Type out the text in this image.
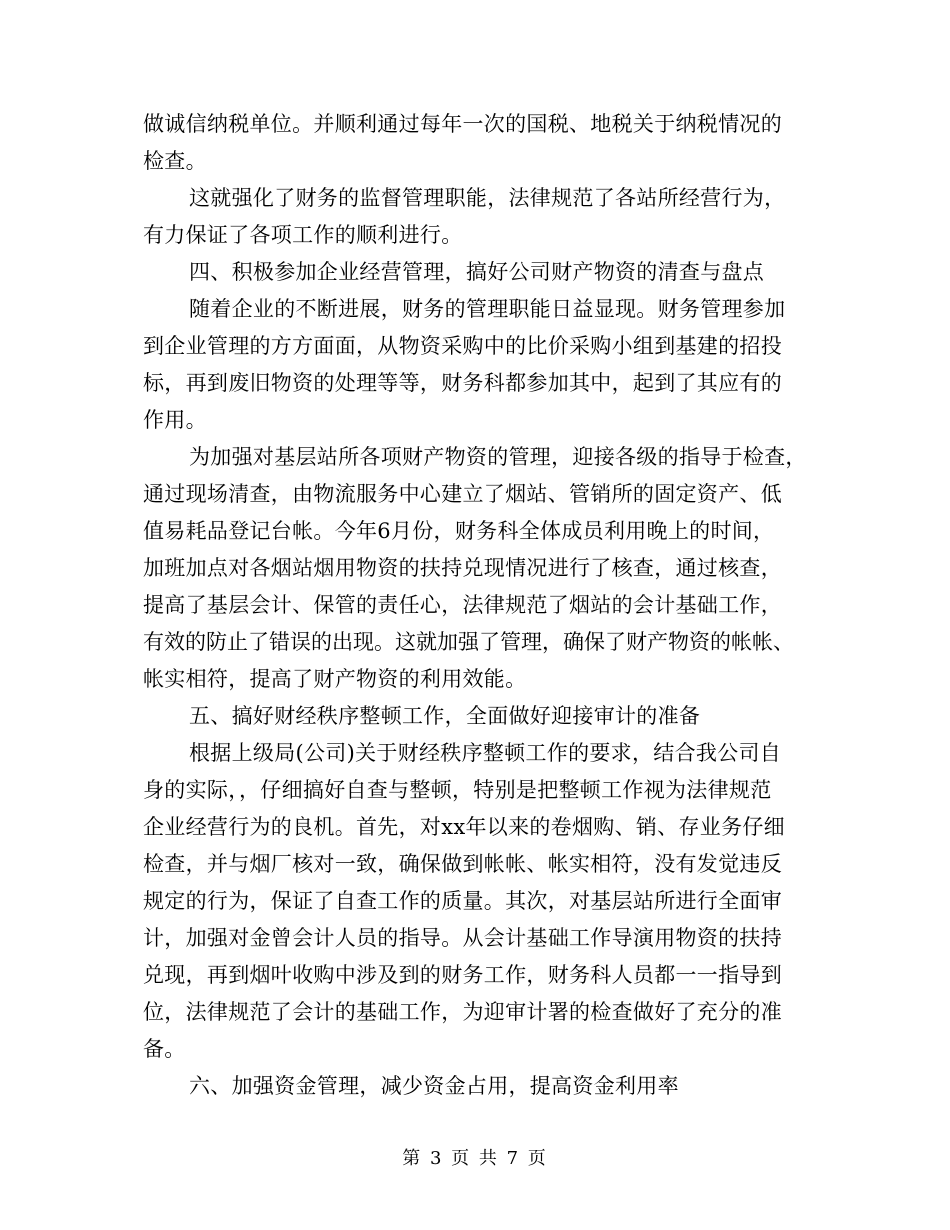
做诚信纳税单位。并顺利通过每年一次的国税、地税关于纳税情况的
检查。
这就强化了财务的监督管理职能，法律规范了各站所经营行为，
有力保证了各项工作的顺利进行。
四、积极参加企业经营管理，搞好公司财产物资的清查与盘点
随着企业的不断进展，财务的管理职能日益显现。财务管理参加
到企业管理的方方面面，从物资采购中的比价采购小组到基建的招投
标，再到废旧物资的处理等等，财务科都参加其中，起到了其应有的
作用。
为加强对基层站所各项财产物资的管理，迎接各级的指导于检查，
通过现场清查，由物流服务中心建立了烟站、管销所的固定资产、低
值易耗品登记台帐。今年6月份，财务科全体成员利用晚上的时间，
加班加点对各烟站烟用物资的扶持兑现情况进行了核查，通过核查，
提高了基层会计、保管的责任心，法律规范了烟站的会计基础工作，
有效的防止了错误的出现。这就加强了管理，确保了财产物资的帐帐、
帐实相符，提高了财产物资的利用效能。
五、搞好财经秩序整顿工作，全面做好迎接审计的准备
根据上级局(公司)关于财经秩序整顿工作的要求，结合我公司自
身的实际，，仔细搞好自查与整顿，特别是把整顿工作视为法律规范
企业经营行为的良机。首先，对xx年以来的卷烟购、销、存业务仔细
检查，并与烟厂核对一致，确保做到帐帐、帐实相符，没有发觉违反
规定的行为，保证了自查工作的质量。其次，对基层站所进行全面审
计，加强对金曾会计人员的指导。从会计基础工作导演用物资的扶持
兑现，再到烟叶收购中涉及到的财务工作，财务科人员都一一指导到
位，法律规范了会计的基础工作，为迎审计署的检查做好了充分的准
备。
六、加强资金管理，减少资金占用，提高资金利用率
第 3 页 共 7 页
